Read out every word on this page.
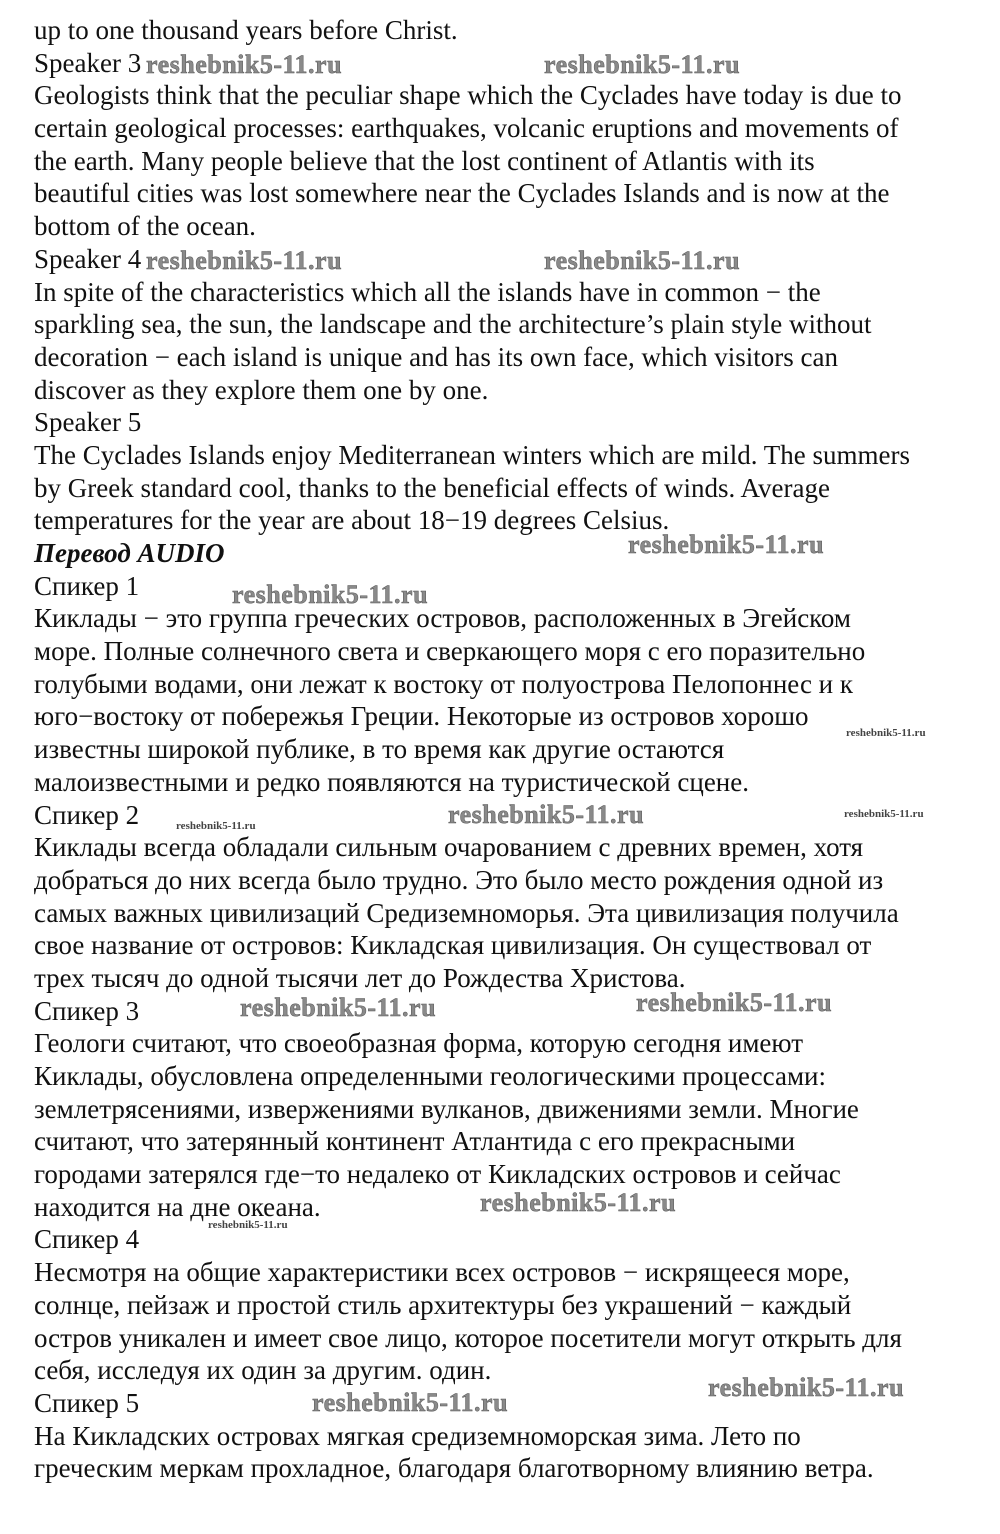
up to one thousand years before Christ.
Speaker 3
Geologists think that the peculiar shape which the Cyclades have today is due to
certain geological processes: earthquakes, volcanic eruptions and movements of
the earth. Many people believe that the lost continent of Atlantis with its
beautiful cities was lost somewhere near the Cyclades Islands and is now at the
bottom of the ocean.
Speaker 4
In spite of the characteristics which all the islands have in common − the
sparkling sea, the sun, the landscape and the architecture’s plain style without
decoration − each island is unique and has its own face, which visitors can
discover as they explore them one by one.
Speaker 5
The Cyclades Islands enjoy Mediterranean winters which are mild. The summers
by Greek standard cool, thanks to the beneficial effects of winds. Average
temperatures for the year are about 18−19 degrees Celsius.
Перевод AUDIO
Спикер 1
Киклады − это группа греческих островов, расположенных в Эгейском
море. Полные солнечного света и сверкающего моря с его поразительно
голубыми водами, они лежат к востоку от полуострова Пелопоннес и к
юго−востоку от побережья Греции. Некоторые из островов хорошо
известны широкой публике, в то время как другие остаются
малоизвестными и редко появляются на туристической сцене.
Спикер 2
Киклады всегда обладали сильным очарованием с древних времен, хотя
добраться до них всегда было трудно. Это было место рождения одной из
самых важных цивилизаций Средиземноморья. Эта цивилизация получила
свое название от островов: Кикладская цивилизация. Он существовал от
трех тысяч до одной тысячи лет до Рождества Христова.
Спикер 3
Геологи считают, что своеобразная форма, которую сегодня имеют
Киклады, обусловлена определенными геологическими процессами:
землетрясениями, извержениями вулканов, движениями земли. Многие
считают, что затерянный континент Атлантида с его прекрасными
городами затерялся где−то недалеко от Кикладских островов и сейчас
находится на дне океана.
Спикер 4
Несмотря на общие характеристики всех островов − искрящееся море,
солнце, пейзаж и простой стиль архитектуры без украшений − каждый
остров уникален и имеет свое лицо, которое посетители могут открыть для
себя, исследуя их один за другим. один.
Спикер 5
На Кикладских островах мягкая средиземноморская зима. Лето по
греческим меркам прохладное, благодаря благотворному влиянию ветра.
reshebnik5-11.ru	reshebnik5-11.ru
reshebnik5-11.ru	reshebnik5-11.ru
reshebnik5-11.ru
reshebnik5-11.ru
reshebnik5-11.ru
reshebnik5-11.ru
reshebnik5-11.ru
reshebnik5-11.ru
reshebnik5-11.ru	reshebnik5-11.ru
reshebnik5-11.ru
reshebnik5-11.ru
reshebnik5-11.ru
reshebnik5-11.ru
